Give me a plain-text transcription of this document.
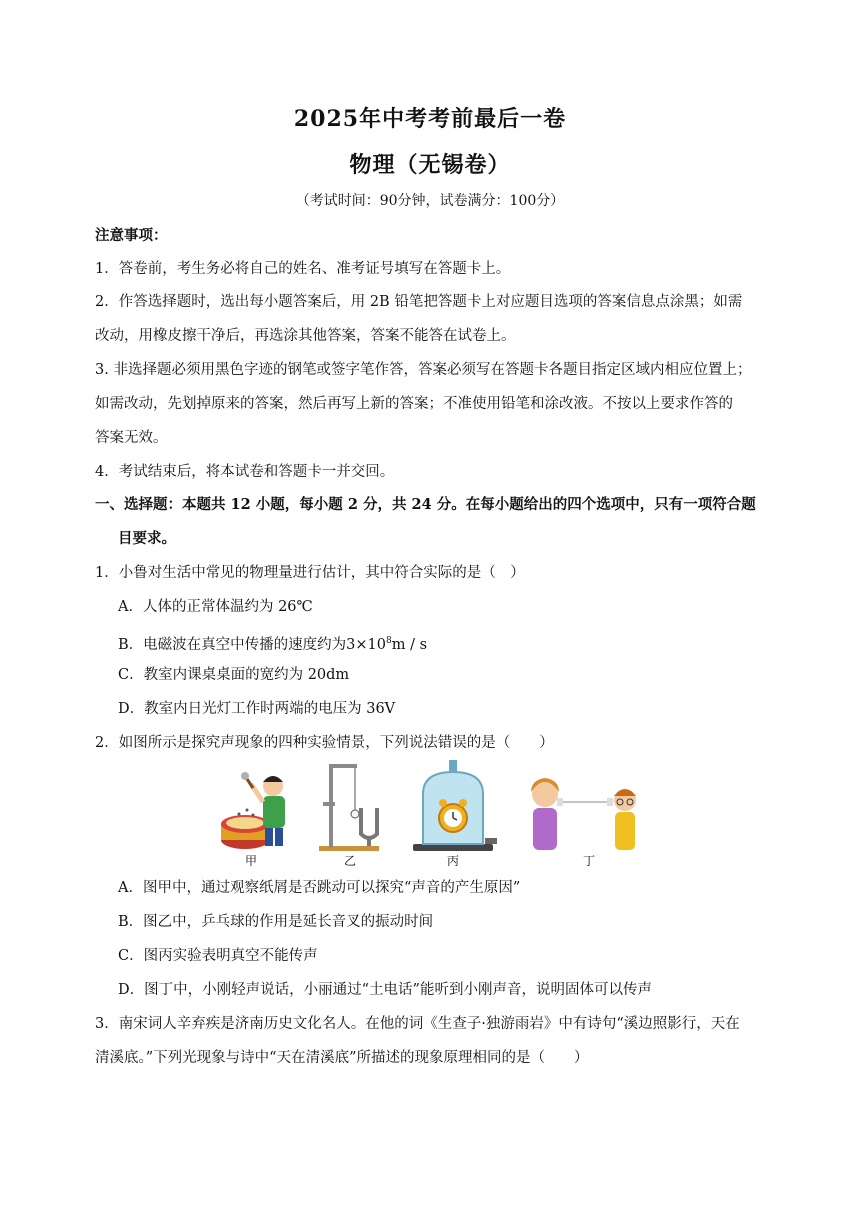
2025年中考考前最后一卷
物理（无锡卷）
（考试时间：90分钟，试卷满分：100分）
注意事项：
1．答卷前，考生务必将自己的姓名、准考证号填写在答题卡上。
2．作答选择题时，选出每小题答案后，用 2B 铅笔把答题卡上对应题目选项的答案信息点涂黑；如需
改动，用橡皮擦干净后，再选涂其他答案，答案不能答在试卷上。
3. 非选择题必须用黑色字迹的钢笔或签字笔作答，答案必须写在答题卡各题目指定区域内相应位置上；
如需改动，先划掉原来的答案，然后再写上新的答案；不准使用铅笔和涂改液。不按以上要求作答的
答案无效。
4．考试结束后，将本试卷和答题卡一并交回。
一、选择题：本题共 12 小题，每小题 2 分，共 24 分。在每小题给出的四个选项中，只有一项符合题
目要求。
1．小鲁对生活中常见的物理量进行估计，其中符合实际的是（　）
A．人体的正常体温约为 26℃
B．电磁波在真空中传播的速度约为$3\times 10^8m / s$
C．教室内课桌桌面的宽约为 20dm
D．教室内日光灯工作时两端的电压为 36V
2．如图所示是探究声现象的四种实验情景，下列说法错误的是（　　）
甲	乙	丙	丁
A．图甲中，通过观察纸屑是否跳动可以探究“声音的产生原因”
B．图乙中，乒乓球的作用是延长音叉的振动时间
C．图丙实验表明真空不能传声
D．图丁中，小刚轻声说话，小丽通过“土电话”能听到小刚声音，说明固体可以传声
3．南宋词人辛弃疾是济南历史文化名人。在他的词《生查子·独游雨岩》中有诗句“溪边照影行，天在
清溪底。”下列光现象与诗中“天在清溪底”所描述的现象原理相同的是（　　）
